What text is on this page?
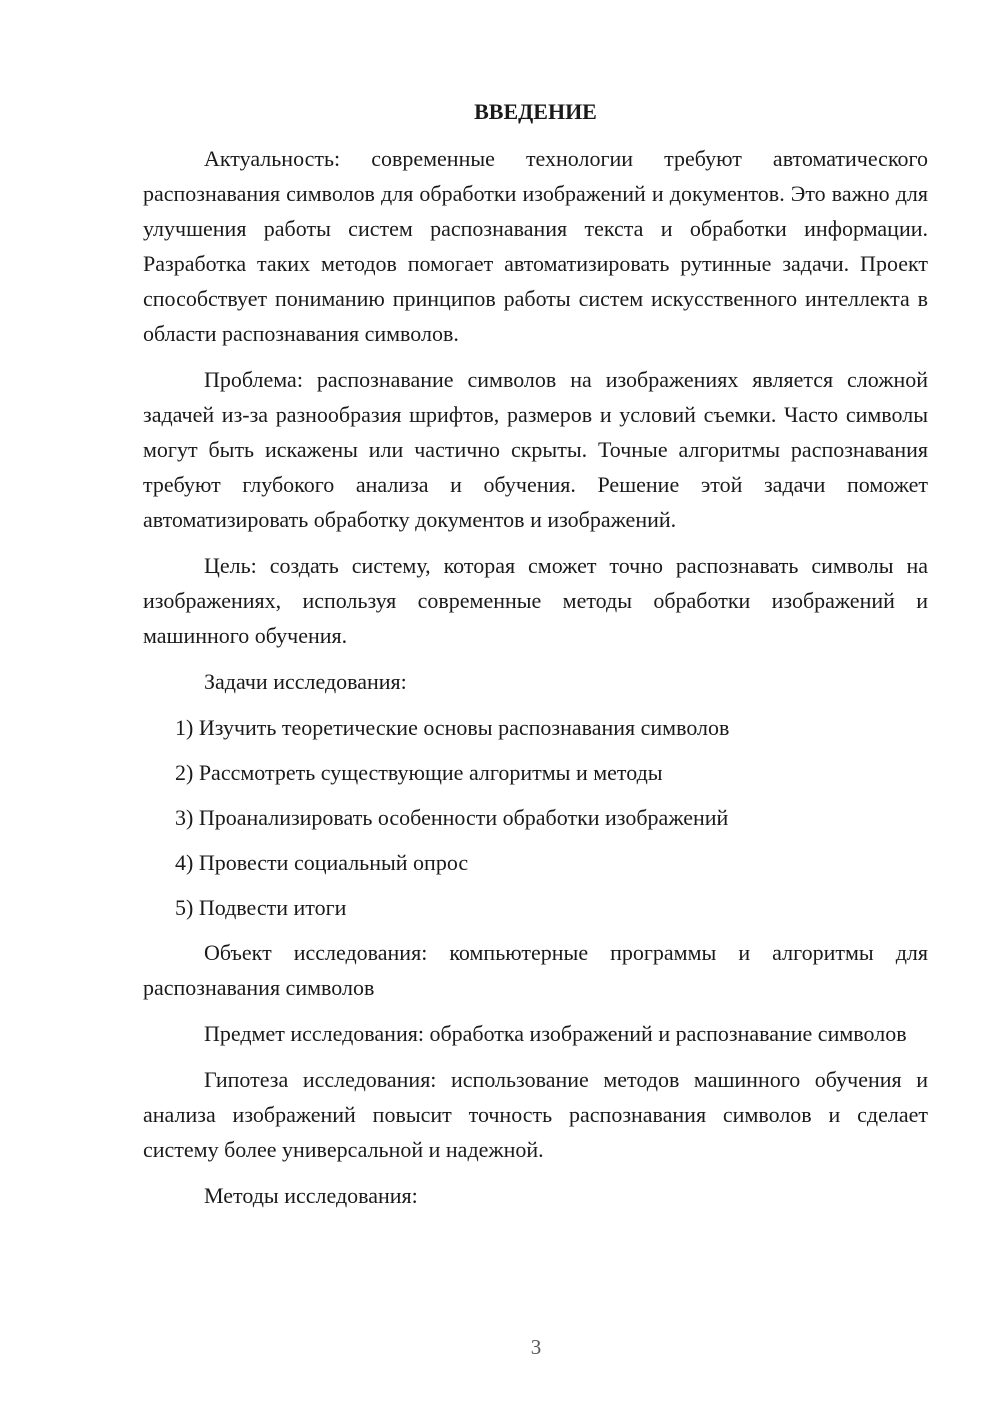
ВВЕДЕНИЕ

Актуальность: современные технологии требуют автоматического распознавания символов для обработки изображений и документов. Это важно для улучшения работы систем распознавания текста и обработки информации. Разработка таких методов помогает автоматизировать рутинные задачи. Проект способствует пониманию принципов работы систем искусственного интеллекта в области распознавания символов.

Проблема: распознавание символов на изображениях является сложной задачей из-за разнообразия шрифтов, размеров и условий съемки. Часто символы могут быть искажены или частично скрыты. Точные алгоритмы распознавания требуют глубокого анализа и обучения. Решение этой задачи поможет автоматизировать обработку документов и изображений.

Цель: создать систему, которая сможет точно распознавать символы на изображениях, используя современные методы обработки изображений и машинного обучения.

Задачи исследования:

1) Изучить теоретические основы распознавания символов
2) Рассмотреть существующие алгоритмы и методы
3) Проанализировать особенности обработки изображений
4) Провести социальный опрос
5) Подвести итоги

Объект исследования: компьютерные программы и алгоритмы для распознавания символов

Предмет исследования: обработка изображений и распознавание символов

Гипотеза исследования: использование методов машинного обучения и анализа изображений повысит точность распознавания символов и сделает систему более универсальной и надежной.

Методы исследования:

3
